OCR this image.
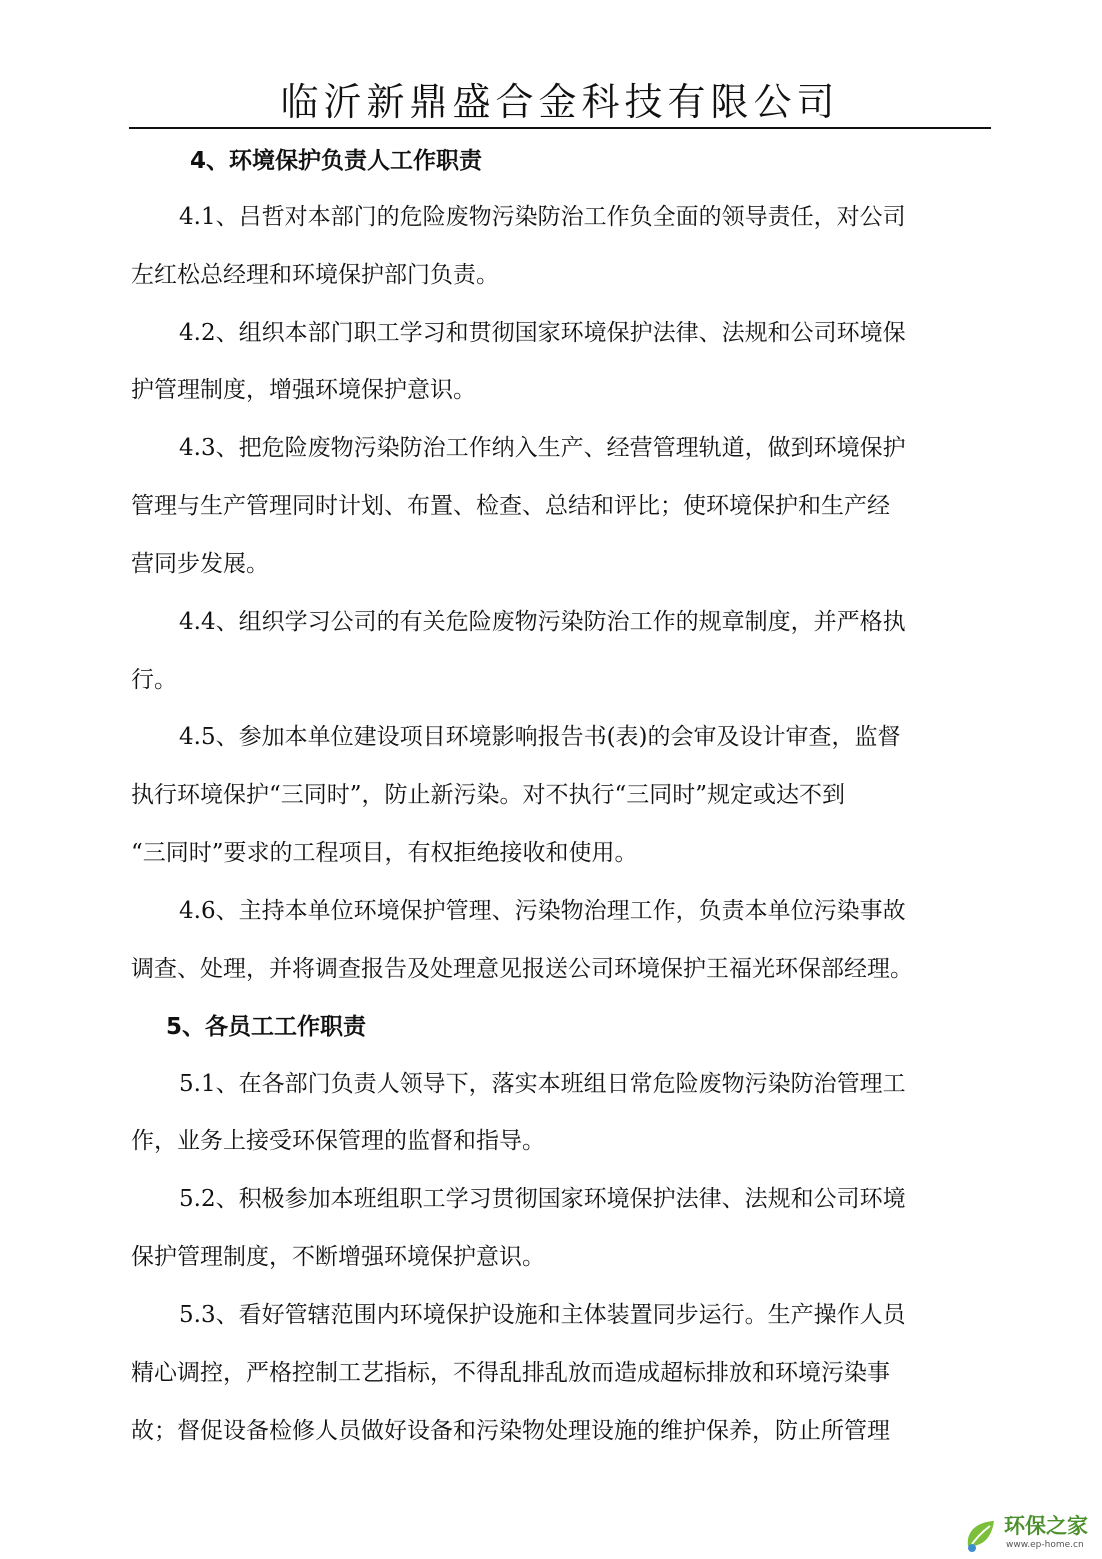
临沂新鼎盛合金科技有限公司
4、环境保护负责人工作职责
4.1、吕哲对本部门的危险废物污染防治工作负全面的领导责任，对公司
左红松总经理和环境保护部门负责。
4.2、组织本部门职工学习和贯彻国家环境保护法律、法规和公司环境保
护管理制度，增强环境保护意识。
4.3、把危险废物污染防治工作纳入生产、经营管理轨道，做到环境保护
管理与生产管理同时计划、布置、检查、总结和评比；使环境保护和生产经
营同步发展。
4.4、组织学习公司的有关危险废物污染防治工作的规章制度，并严格执
行。
4.5、参加本单位建设项目环境影响报告书(表)的会审及设计审查，监督
执行环境保护“三同时”，防止新污染。对不执行“三同时”规定或达不到
“三同时”要求的工程项目，有权拒绝接收和使用。
4.6、主持本单位环境保护管理、污染物治理工作，负责本单位污染事故
调查、处理，并将调查报告及处理意见报送公司环境保护王福光环保部经理。
5、各员工工作职责
5.1、在各部门负责人领导下，落实本班组日常危险废物污染防治管理工
作，业务上接受环保管理的监督和指导。
5.2、积极参加本班组职工学习贯彻国家环境保护法律、法规和公司环境
保护管理制度，不断增强环境保护意识。
5.3、看好管辖范围内环境保护设施和主体装置同步运行。生产操作人员
精心调控，严格控制工艺指标，不得乱排乱放而造成超标排放和环境污染事
故；督促设备检修人员做好设备和污染物处理设施的维护保养，防止所管理
环保之家
www.ep-home.cn
